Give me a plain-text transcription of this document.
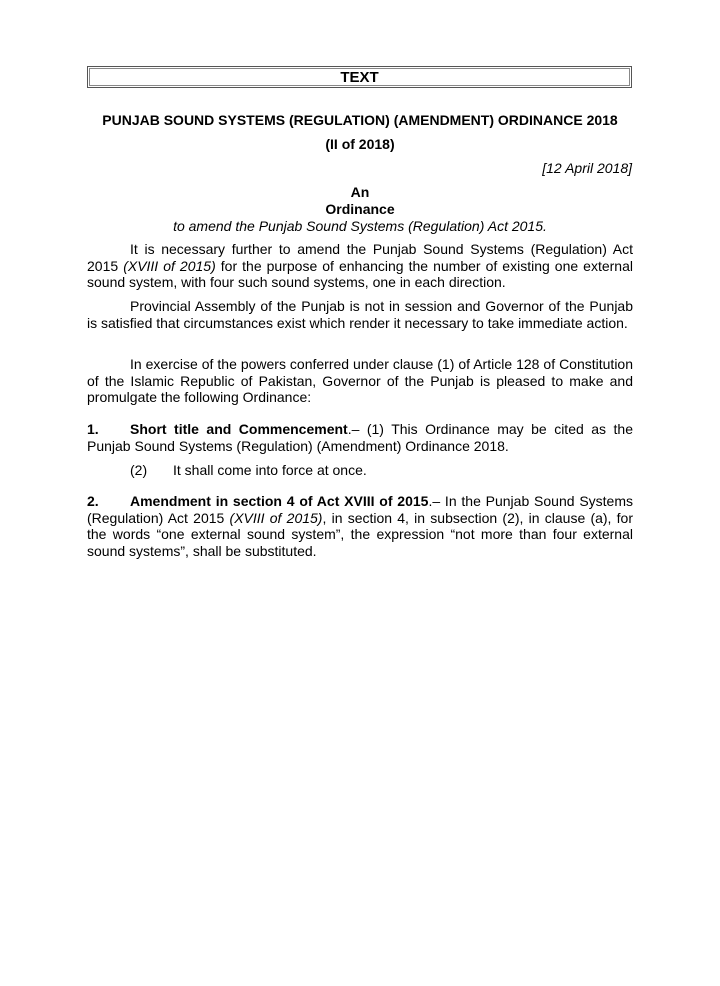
TEXT
PUNJAB SOUND SYSTEMS (REGULATION) (AMENDMENT) ORDINANCE 2018
(II of 2018)
[12 April 2018]
An
Ordinance
to amend the Punjab Sound Systems (Regulation) Act 2015.
It is necessary further to amend the Punjab Sound Systems (Regulation) Act 2015 (XVIII of 2015) for the purpose of enhancing the number of existing one external sound system, with four such sound systems, one in each direction.
Provincial Assembly of the Punjab is not in session and Governor of the Punjab is satisfied that circumstances exist which render it necessary to take immediate action.
In exercise of the powers conferred under clause (1) of Article 128 of Constitution of the Islamic Republic of Pakistan, Governor of the Punjab is pleased to make and promulgate the following Ordinance:
1. Short title and Commencement.– (1) This Ordinance may be cited as the Punjab Sound Systems (Regulation) (Amendment) Ordinance 2018.
(2) It shall come into force at once.
2. Amendment in section 4 of Act XVIII of 2015.– In the Punjab Sound Systems (Regulation) Act 2015 (XVIII of 2015), in section 4, in subsection (2), in clause (a), for the words “one external sound system”, the expression “not more than four external sound systems”, shall be substituted.
